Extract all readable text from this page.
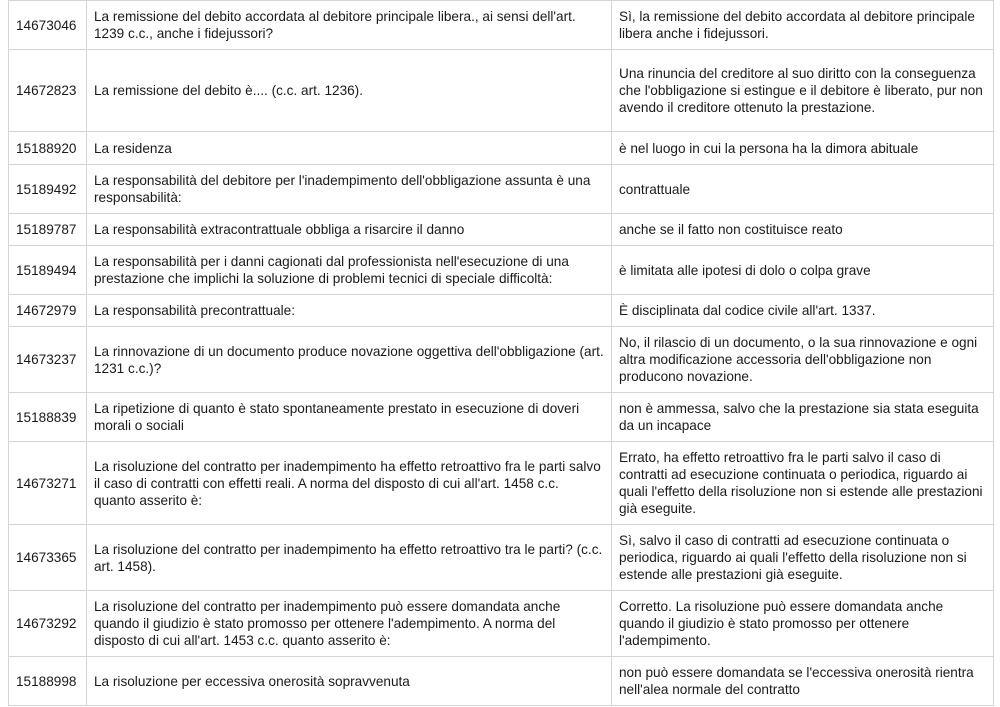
14673046	La remissione del debito accordata al debitore principale libera., ai sensi dell'art. 1239 c.c., anche i fidejussori?	Sì, la remissione del debito accordata al debitore principale libera anche i fidejussori.
14672823	La remissione del debito è.... (c.c. art. 1236).	Una rinuncia del creditore al suo diritto con la conseguenza che l'obbligazione si estingue e il debitore è liberato, pur non avendo il creditore ottenuto la prestazione.
15188920	La residenza	è nel luogo in cui la persona ha la dimora abituale
15189492	La responsabilità del debitore per l'inadempimento dell'obbligazione assunta è una responsabilità:	contrattuale
15189787	La responsabilità extracontrattuale obbliga a risarcire il danno	anche se il fatto non costituisce reato
15189494	La responsabilità per i danni cagionati dal professionista nell'esecuzione di una prestazione che implichi la soluzione di problemi tecnici di speciale difficoltà:	è limitata alle ipotesi di dolo o colpa grave
14672979	La responsabilità precontrattuale:	È disciplinata dal codice civile all'art. 1337.
14673237	La rinnovazione di un documento produce novazione oggettiva dell'obbligazione (art. 1231 c.c.)?	No, il rilascio di un documento, o la sua rinnovazione e ogni altra modificazione accessoria dell'obbligazione non producono novazione.
15188839	La ripetizione di quanto è stato spontaneamente prestato in esecuzione di doveri morali o sociali	non è ammessa, salvo che la prestazione sia stata eseguita da un incapace
14673271	La risoluzione del contratto per inadempimento ha effetto retroattivo fra le parti salvo il caso di contratti con effetti reali. A norma del disposto di cui all'art. 1458 c.c. quanto asserito è:	Errato, ha effetto retroattivo fra le parti salvo il caso di contratti ad esecuzione continuata o periodica, riguardo ai quali l'effetto della risoluzione non si estende alle prestazioni già eseguite.
14673365	La risoluzione del contratto per inadempimento ha effetto retroattivo tra le parti? (c.c. art. 1458).	Sì, salvo il caso di contratti ad esecuzione continuata o periodica, riguardo ai quali l'effetto della risoluzione non si estende alle prestazioni già eseguite.
14673292	La risoluzione del contratto per inadempimento può essere domandata anche quando il giudizio è stato promosso per ottenere l'adempimento. A norma del disposto di cui all'art. 1453 c.c. quanto asserito è:	Corretto. La risoluzione può essere domandata anche quando il giudizio è stato promosso per ottenere l'adempimento.
15188998	La risoluzione per eccessiva onerosità sopravvenuta	non può essere domandata se l'eccessiva onerosità rientra nell'alea normale del contratto
